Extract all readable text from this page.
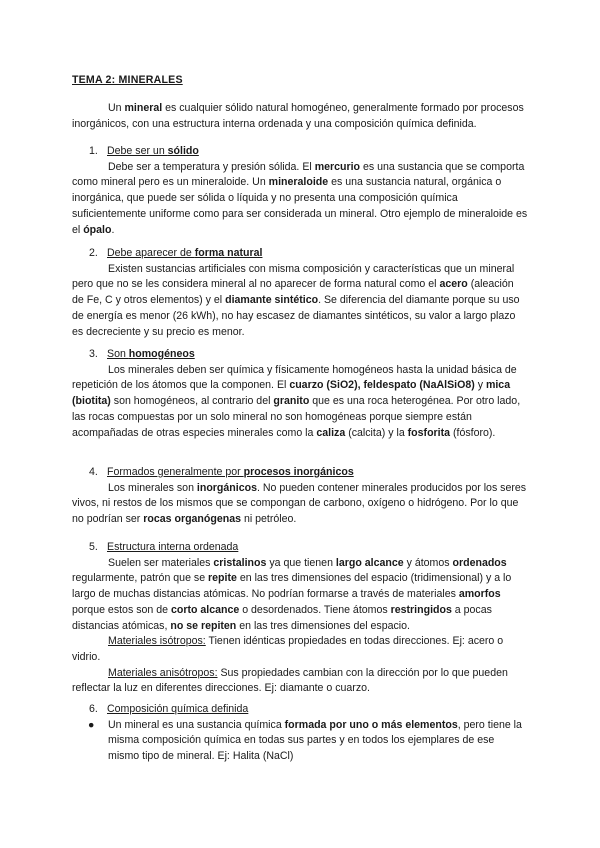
TEMA 2: MINERALES
Un mineral es cualquier sólido natural homogéneo, generalmente formado por procesos inorgánicos, con una estructura interna ordenada y una composición química definida.
1. Debe ser un sólido
Debe ser a temperatura y presión sólida. El mercurio es una sustancia que se comporta como mineral pero es un mineraloide. Un mineraloide es una sustancia natural, orgánica o inorgánica, que puede ser sólida o líquida y no presenta una composición química suficientemente uniforme como para ser considerada un mineral. Otro ejemplo de mineraloide es el ópalo.
2. Debe aparecer de forma natural
Existen sustancias artificiales con misma composición y características que un mineral pero que no se les considera mineral al no aparecer de forma natural como el acero (aleación de Fe, C y otros elementos) y el diamante sintético. Se diferencia del diamante porque su uso de energía es menor (26 kWh), no hay escasez de diamantes sintéticos, su valor a largo plazo es decreciente y su precio es menor.
3. Son homogéneos
Los minerales deben ser química y físicamente homogéneos hasta la unidad básica de repetición de los átomos que la componen. El cuarzo (SiO2), feldespato (NaAlSiO8) y mica (biotita) son homogéneos, al contrario del granito que es una roca heterogénea. Por otro lado, las rocas compuestas por un solo mineral no son homogéneas porque siempre están acompañadas de otras especies minerales como la caliza (calcita) y la fosforita (fósforo).
4. Formados generalmente por procesos inorgánicos
Los minerales son inorgánicos. No pueden contener minerales producidos por los seres vivos, ni restos de los mismos que se compongan de carbono, oxígeno o hidrógeno. Por lo que no podrían ser rocas organógenas ni petróleo.
5. Estructura interna ordenada
Suelen ser materiales cristalinos ya que tienen largo alcance y átomos ordenados regularmente, patrón que se repite en las tres dimensiones del espacio (tridimensional) y a lo largo de muchas distancias atómicas. No podrían formarse a través de materiales amorfos porque estos son de corto alcance o desordenados. Tiene átomos restringidos a pocas distancias atómicas, no se repiten en las tres dimensiones del espacio.
Materiales isótropos: Tienen idénticas propiedades en todas direcciones. Ej: acero o vidrio.
Materiales anisótropos: Sus propiedades cambian con la dirección por lo que pueden reflectar la luz en diferentes direcciones. Ej: diamante o cuarzo.
6. Composición química definida
● Un mineral es una sustancia química formada por uno o más elementos, pero tiene la misma composición química en todas sus partes y en todos los ejemplares de ese mismo tipo de mineral. Ej: Halita (NaCl)
